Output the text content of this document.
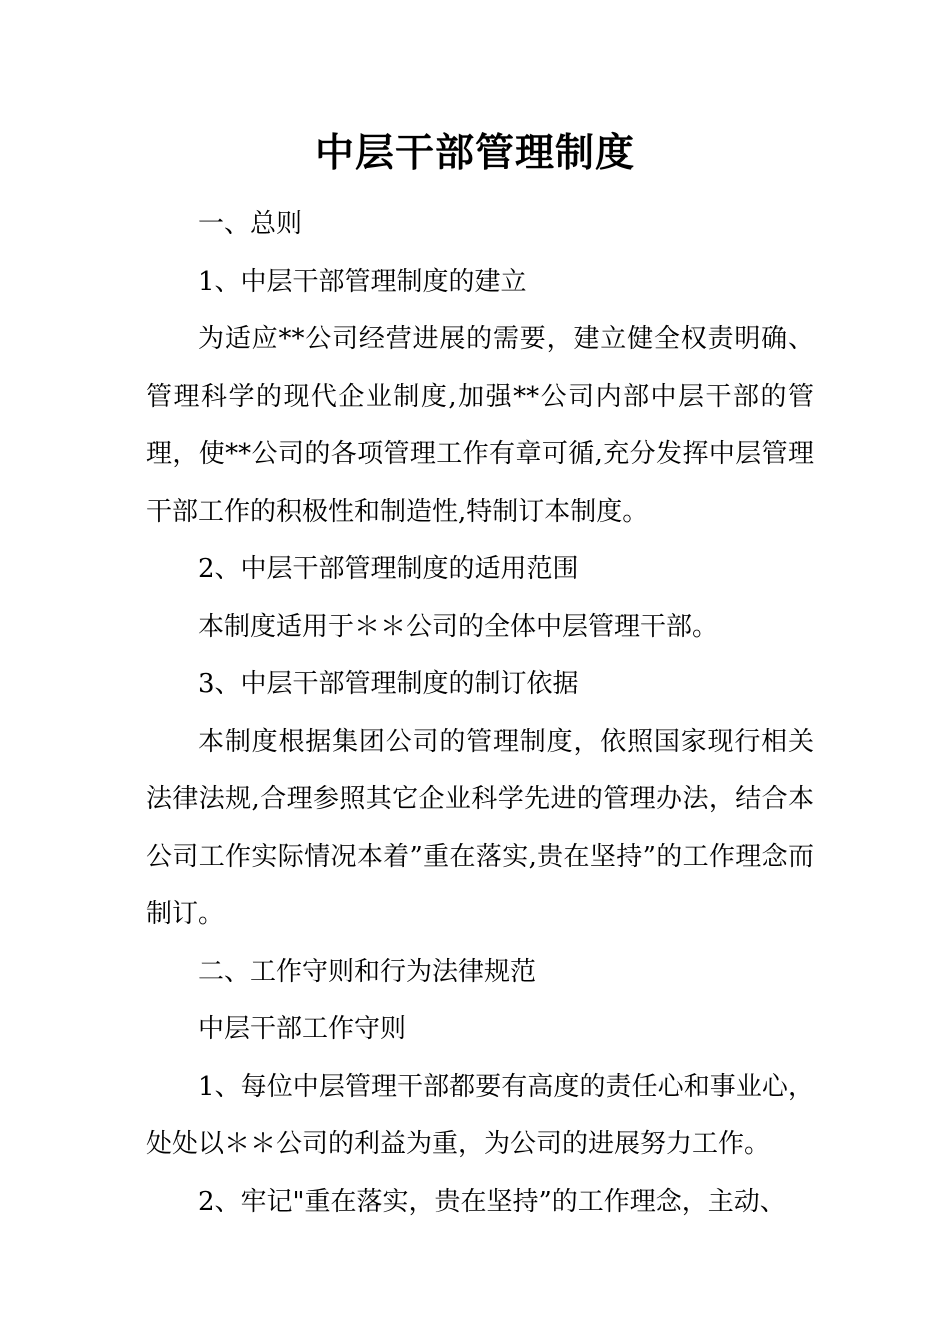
中层干部管理制度

一、总则

1、中层干部管理制度的建立

为适应**公司经营进展的需要，建立健全权责明确、管理科学的现代企业制度,加强**公司内部中层干部的管理，使**公司的各项管理工作有章可循,充分发挥中层管理干部工作的积极性和制造性,特制订本制度。

2、中层干部管理制度的适用范围

本制度适用于＊＊公司的全体中层管理干部。

3、中层干部管理制度的制订依据

本制度根据集团公司的管理制度，依照国家现行相关法律法规,合理参照其它企业科学先进的管理办法，结合本公司工作实际情况本着”重在落实,贵在坚持”的工作理念而制订。

二、工作守则和行为法律规范

中层干部工作守则

1、每位中层管理干部都要有高度的责任心和事业心，处处以＊＊公司的利益为重，为公司的进展努力工作。

2、牢记"重在落实，贵在坚持”的工作理念，主动、
